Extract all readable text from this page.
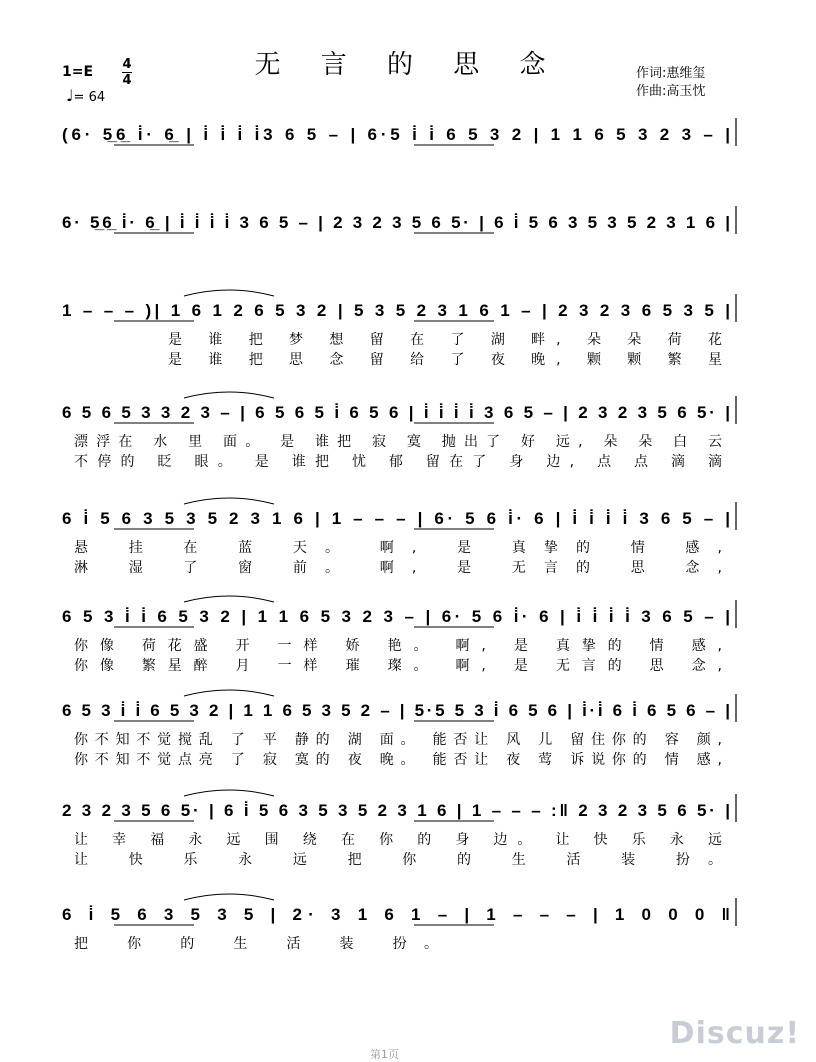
无 言 的 思 念
1=E 4
4
♩= 64
作词:惠维玺
作曲:高玉忱
(6· 5̲6̲ i̇· 6̲ | i̇ i̇ i̇ i̇3 6 5 – | 6·5 i̇ i̇ 6 5 3 2 | 1 1 6 5 3 2 3 – |
6· 5̲6̲ i̇· 6̲ | i̇ i̇ i̇ i̇ 3 6 5 – | 2 3 2 3 5 6 5· | 6 i̇ 5 6 3 5 3 5 2 3 1 6 |
1 – – – )| 1 6 1 2 6 5 3 2 | 5 3 5 2 3 1 6 1 – | 2 3 2 3 6 5 3 5 |
是 谁 把 梦 想 留 在 了 湖 畔, 朵 朵 荷 花
是 谁 把 思 念 留 给 了 夜 晚, 颗 颗 繁 星
6 5 6 5 3 3 2 3 – | 6 5 6 5 i̇ 6 5 6 | i̇ i̇ i̇ i̇ 3 6 5 – | 2 3 2 3 5 6 5· |
漂浮在 水 里 面。 是 谁把 寂 寞 抛出了 好 远, 朵 朵 白 云
不停的 眨 眼。 是 谁把 忧 郁 留在了 身 边, 点 点 滴 滴
6 i̇ 5 6 3 5 3 5 2 3 1 6 | 1 – – – | 6· 5 6 i̇· 6 | i̇ i̇ i̇ i̇ 3 6 5 – |
悬 挂 在 蓝 天。 啊, 是 真挚的 情 感,
淋 湿 了 窗 前。 啊, 是 无言的 思 念,
6 5 3 i̇ i̇ 6 5 3 2 | 1 1 6 5 3 2 3 – | 6· 5 6 i̇· 6 | i̇ i̇ i̇ i̇ 3 6 5 – |
你像 荷花盛 开 一样 娇 艳。 啊, 是 真挚的 情 感,
你像 繁星醉 月 一样 璀 璨。 啊, 是 无言的 思 念,
6 5 3 i̇ i̇ 6 5 3 2 | 1 1 6 5 3 5 2 – | 5·5 5 3 i̇ 6 5 6 | i̇·i̇ 6 i̇ 6 5 6 – |
你不知不觉搅乱 了 平 静的 湖 面。 能否让 风 儿 留住你的 容 颜,
你不知不觉点亮 了 寂 寞的 夜 晚。 能否让 夜 莺 诉说你的 情 感,
2 3 2 3 5 6 5· | 6 i̇ 5 6 3 5 3 5 2 3 1 6 | 1 – – – :‖ 2 3 2 3 5 6 5· |
让 幸 福 永 远 围 绕 在 你 的 身 边。 让 快 乐 永 远
让 快 乐 永 远 把 你 的 生 活 装 扮。
6 i̇ 5 6 3 5 3 5 | 2· 3 1 6 1 – | 1 – – – | 1 0 0 0 ‖
把 你 的 生 活 装 扮。
第1页
Discuz!
